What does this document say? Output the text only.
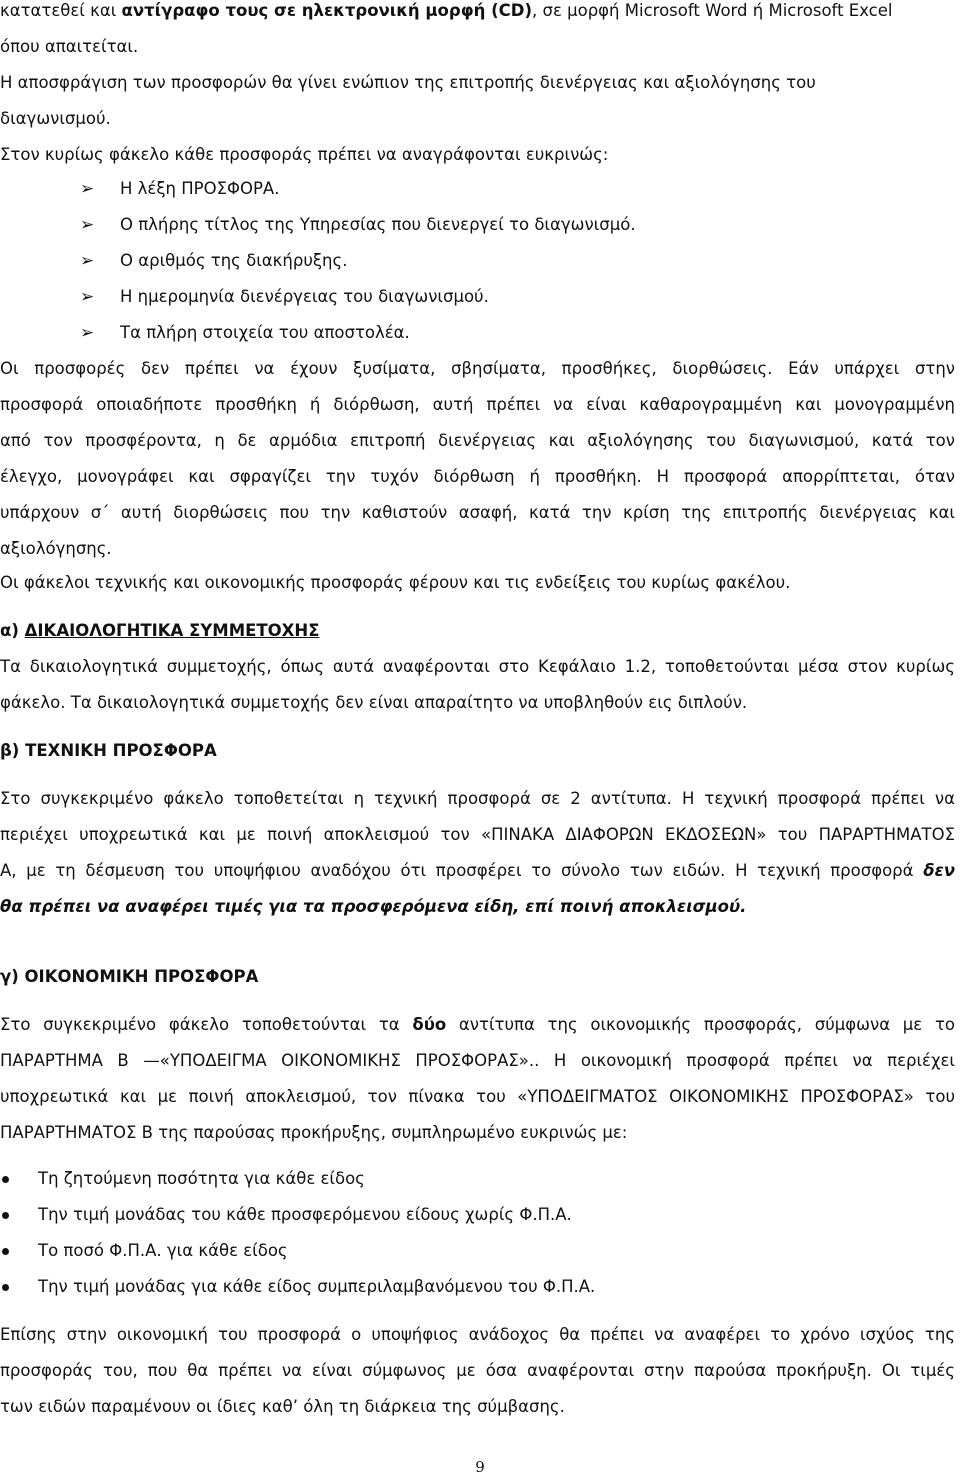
κατατεθεί και αντίγραφο τους σε ηλεκτρονική μορφή (CD), σε μορφή Microsoft Word ή Microsoft Excel
όπου απαιτείται.
Η αποσφράγιση των προσφορών θα γίνει ενώπιον της επιτροπής διενέργειας και αξιολόγησης του
διαγωνισμού.
Στον κυρίως φάκελο κάθε προσφοράς πρέπει να αναγράφονται ευκρινώς:
➢ Η λέξη ΠΡΟΣΦΟΡΑ.
➢ Ο πλήρης τίτλος της Υπηρεσίας που διενεργεί το διαγωνισμό.
➢ Ο αριθμός της διακήρυξης.
➢ Η ημερομηνία διενέργειας του διαγωνισμού.
➢ Τα πλήρη στοιχεία του αποστολέα.
Οι προσφορές δεν πρέπει να έχουν ξυσίματα, σβησίματα, προσθήκες, διορθώσεις. Εάν υπάρχει στην
προσφορά οποιαδήποτε προσθήκη ή διόρθωση, αυτή πρέπει να είναι καθαρογραμμένη και μονογραμμένη
από τον προσφέροντα, η δε αρμόδια επιτροπή διενέργειας και αξιολόγησης του διαγωνισμού, κατά τον
έλεγχο, μονογράφει και σφραγίζει την τυχόν διόρθωση ή προσθήκη. Η προσφορά απορρίπτεται, όταν
υπάρχουν σ΄ αυτή διορθώσεις που την καθιστούν ασαφή, κατά την κρίση της επιτροπής διενέργειας και
αξιολόγησης.
Οι φάκελοι τεχνικής και οικονομικής προσφοράς φέρουν και τις ενδείξεις του κυρίως φακέλου.
α) ΔΙΚΑΙΟΛΟΓΗΤΙΚΑ ΣΥΜΜΕΤΟΧΗΣ
Τα δικαιολογητικά συμμετοχής, όπως αυτά αναφέρονται στο Κεφάλαιο 1.2, τοποθετούνται μέσα στον κυρίως
φάκελο. Τα δικαιολογητικά συμμετοχής δεν είναι απαραίτητο να υποβληθούν εις διπλούν.
β) ΤΕΧΝΙΚΗ ΠΡΟΣΦΟΡΑ
Στο συγκεκριμένο φάκελο τοποθετείται η τεχνική προσφορά σε 2 αντίτυπα. Η τεχνική προσφορά πρέπει να
περιέχει υποχρεωτικά και με ποινή αποκλεισμού τον «ΠΙΝΑΚΑ ΔΙΑΦΟΡΩΝ ΕΚΔΟΣΕΩΝ» του ΠΑΡΑΡΤΗΜΑΤΟΣ
Α, με τη δέσμευση του υποψήφιου αναδόχου ότι προσφέρει το σύνολο των ειδών. Η τεχνική προσφορά δεν
θα πρέπει να αναφέρει τιμές για τα προσφερόμενα είδη, επί ποινή αποκλεισμού.
γ) ΟΙΚΟΝΟΜΙΚΗ ΠΡΟΣΦΟΡΑ
Στο συγκεκριμένο φάκελο τοποθετούνται τα δύο αντίτυπα της οικονομικής προσφοράς, σύμφωνα με το
ΠΑΡΑΡΤΗΜΑ Β —«ΥΠΟΔΕΙΓΜΑ ΟΙΚΟΝΟΜΙΚΗΣ ΠΡΟΣΦΟΡΑΣ».. Η οικονομική προσφορά πρέπει να περιέχει
υποχρεωτικά και με ποινή αποκλεισμού, τον πίνακα του «ΥΠΟΔΕΙΓΜΑΤΟΣ ΟΙΚΟΝΟΜΙΚΗΣ ΠΡΟΣΦΟΡΑΣ» του
ΠΑΡΑΡΤΗΜΑΤΟΣ Β της παρούσας προκήρυξης, συμπληρωμένο ευκρινώς με:
Τη ζητούμενη ποσότητα για κάθε είδος
Την τιμή μονάδας του κάθε προσφερόμενου είδους χωρίς Φ.Π.Α.
Το ποσό Φ.Π.Α. για κάθε είδος
Την τιμή μονάδας για κάθε είδος συμπεριλαμβανόμενου του Φ.Π.Α.
Επίσης στην οικονομική του προσφορά ο υποψήφιος ανάδοχος θα πρέπει να αναφέρει το χρόνο ισχύος της
προσφοράς του, που θα πρέπει να είναι σύμφωνος με όσα αναφέρονται στην παρούσα προκήρυξη. Οι τιμές
των ειδών παραμένουν οι ίδιες καθ’ όλη τη διάρκεια της σύμβασης.
9
